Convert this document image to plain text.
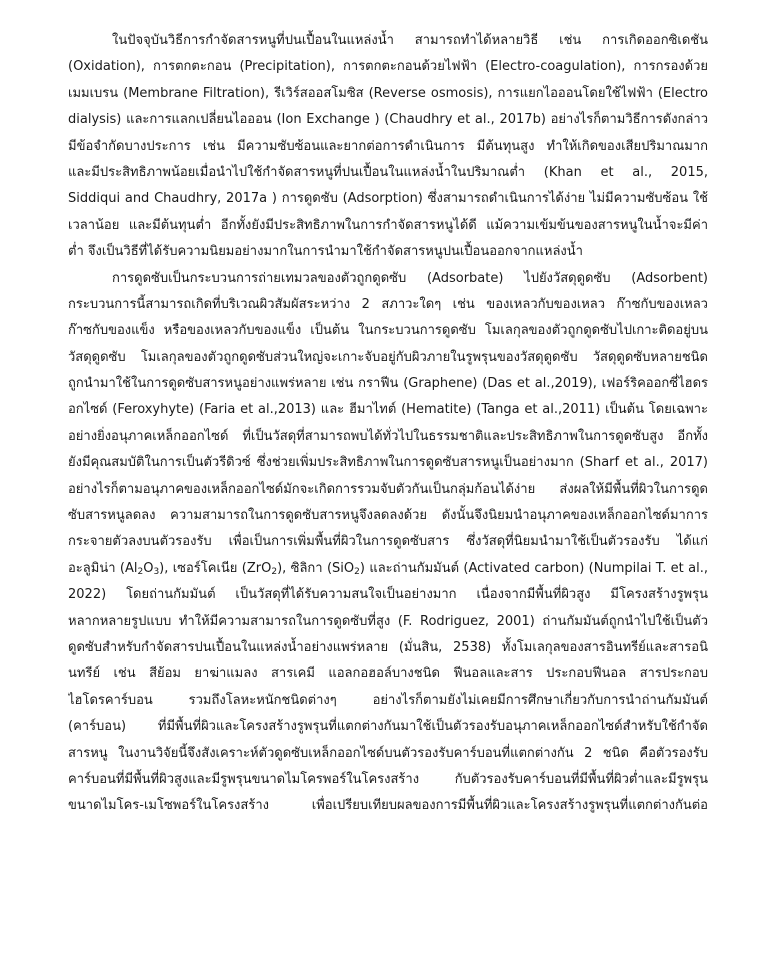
ในปัจจุบันวิธีการกำจัดสารหนูที่ปนเปื้อนในแหล่งน้ำ สามารถทำได้หลายวิธี เช่น การเกิดออกซิเดชัน
(Oxidation), การตกตะกอน (Precipitation), การตกตะกอนด้วยไฟฟ้า (Electro-coagulation), การกรองด้วย
เมมเบรน (Membrane Filtration), รีเวิร์สออสโมซิส (Reverse osmosis), การแยกไอออนโดยใช้ไฟฟ้า (Electro
dialysis) และการแลกเปลี่ยนไอออน (Ion Exchange ) (Chaudhry et al., 2017b) อย่างไรก็ตามวิธีการดังกล่าว
มีข้อจำกัดบางประการ เช่น มีความซับซ้อนและยากต่อการดำเนินการ มีต้นทุนสูง ทำให้เกิดของเสียปริมาณมาก
และมีประสิทธิภาพน้อยเมื่อนำไปใช้กำจัดสารหนูที่ปนเปื้อนในแหล่งน้ำในปริมาณต่ำ (Khan et al., 2015,
Siddiqui and Chaudhry, 2017a ) การดูดซับ (Adsorption) ซึ่งสามารถดำเนินการได้ง่าย ไม่มีความซับซ้อน ใช้
เวลาน้อย และมีต้นทุนต่ำ อีกทั้งยังมีประสิทธิภาพในการกำจัดสารหนูได้ดี แม้ความเข้มข้นของสารหนูในน้ำจะมีค่า
ต่ำ จึงเป็นวิธีที่ได้รับความนิยมอย่างมากในการนำมาใช้กำจัดสารหนูปนเปื้อนออกจากแหล่งน้ำ
การดูดซับเป็นกระบวนการถ่ายเทมวลของตัวถูกดูดซับ (Adsorbate) ไปยังวัสดุดูดซับ (Adsorbent)
กระบวนการนี้สามารถเกิดที่บริเวณผิวสัมผัสระหว่าง 2 สภาวะใดๆ เช่น ของเหลวกับของเหลว ก๊าซกับของเหลว
ก๊าซกับของแข็ง หรือของเหลวกับของแข็ง เป็นต้น ในกระบวนการดูดซับ โมเลกุลของตัวถูกดูดซับไปเกาะติดอยู่บน
วัสดุดูดซับ โมเลกุลของตัวถูกดูดซับส่วนใหญ่จะเกาะจับอยู่กับผิวภายในรูพรุนของวัสดุดูดซับ วัสดุดูดซับหลายชนิด
ถูกนำมาใช้ในการดูดซับสารหนูอย่างแพร่หลาย เช่น กราฟีน (Graphene) (Das et al.,2019), เฟอร์ริคออกซี่ไฮดร
อกไซด์ (Feroxyhyte) (Faria et al.,2013) และ ฮีมาไทต์ (Hematite) (Tanga et al.,2011) เป็นต้น โดยเฉพาะ
อย่างยิ่งอนุภาคเหล็กออกไซด์ ที่เป็นวัสดุที่สามารถพบได้ทั่วไปในธรรมชาติและประสิทธิภาพในการดูดซับสูง อีกทั้ง
ยังมีคุณสมบัติในการเป็นตัวรีดิวซ์ ซึ่งช่วยเพิ่มประสิทธิภาพในการดูดซับสารหนูเป็นอย่างมาก (Sharf et al., 2017)
อย่างไรก็ตามอนุภาคของเหล็กออกไซด์มักจะเกิดการรวมจับตัวกันเป็นกลุ่มก้อนได้ง่าย ส่งผลให้มีพื้นที่ผิวในการดูด
ซับสารหนูลดลง ความสามารถในการดูดซับสารหนูจึงลดลงด้วย ดังนั้นจึงนิยมนำอนุภาคของเหล็กออกไซด์มาการ
กระจายตัวลงบนตัวรองรับ เพื่อเป็นการเพิ่มพื้นที่ผิวในการดูดซับสาร ซึ่งวัสดุที่นิยมนำมาใช้เป็นตัวรองรับ ได้แก่
อะลูมิน่า $(Al_2O_3)$, เซอร์โคเนีย (ZrO$_2$), ซิลิกา (SiO$_2$) และถ่านกัมมันต์ (Activated carbon) (Numpilai T. et al.,
2022) โดยถ่านกัมมันต์ เป็นวัสดุที่ได้รับความสนใจเป็นอย่างมาก เนื่องจากมีพื้นที่ผิวสูง มีโครงสร้างรูพรุน
หลากหลายรูปแบบ ทำให้มีความสามารถในการดูดซับที่สูง (F. Rodriguez, 2001) ถ่านกัมมันต์ถูกนำไปใช้เป็นตัว
ดูดซับสำหรับกำจัดสารปนเปื้อนในแหล่งน้ำอย่างแพร่หลาย (มั่นสิน, 2538) ทั้งโมเลกุลของสารอินทรีย์และสารอนิ
นทรีย์ เช่น สีย้อม ยาฆ่าแมลง สารเคมี แอลกอฮอล์บางชนิด ฟีนอลและสาร ประกอบฟีนอล สารประกอบ
ไฮโดรคาร์บอน รวมถึงโลหะหนักชนิดต่างๆ อย่างไรก็ตามยังไม่เคยมีการศึกษาเกี่ยวกับการนำถ่านกัมมันต์
(คาร์บอน) ที่มีพื้นที่ผิวและโครงสร้างรูพรุนที่แตกต่างกันมาใช้เป็นตัวรองรับอนุภาคเหล็กออกไซด์สำหรับใช้กำจัด
สารหนู ในงานวิจัยนี้จึงสังเคราะห์ตัวดูดซับเหล็กออกไซด์บนตัวรองรับคาร์บอนที่แตกต่างกัน 2 ชนิด คือตัวรองรับ
คาร์บอนที่มีพื้นที่ผิวสูงและมีรูพรุนขนาดไมโครพอร์ในโครงสร้าง กับตัวรองรับคาร์บอนที่มีพื้นที่ผิวต่ำและมีรูพรุน
ขนาดไมโคร-เมโซพอร์ในโครงสร้าง เพื่อเปรียบเทียบผลของการมีพื้นที่ผิวและโครงสร้างรูพรุนที่แตกต่างกันต่อ
